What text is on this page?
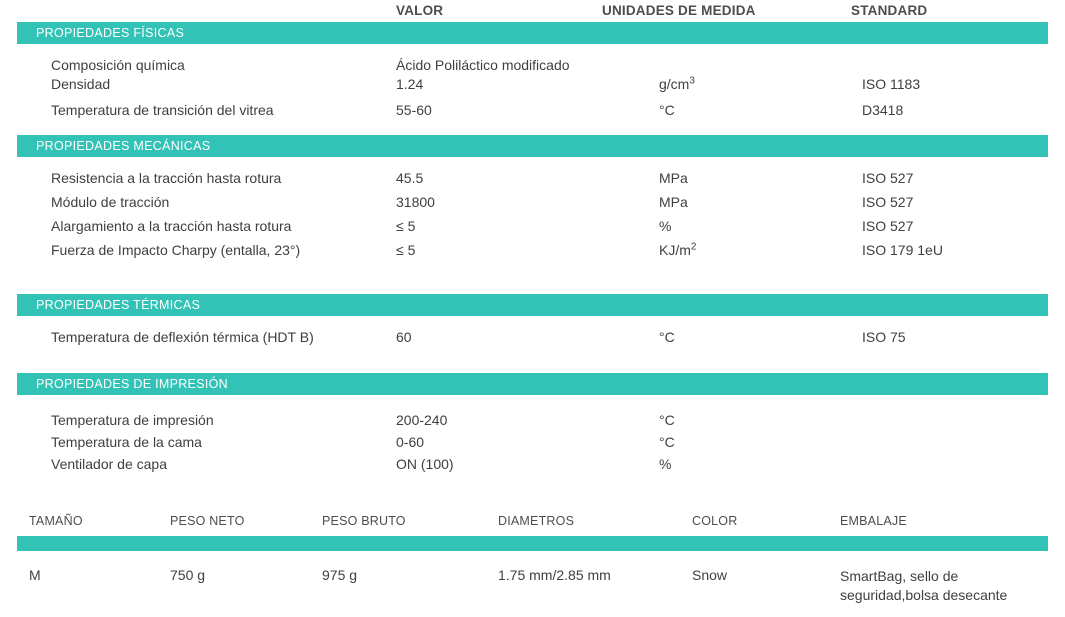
VALOR	UNIDADES DE MEDIDA	STANDARD
PROPIEDADES FÍSICAS
Composición química	Ácido Poliláctico modificado
Densidad	1.24	$g/cm^3$	ISO 1183
Temperatura de transición del vitrea	55-60	°C	D3418
PROPIEDADES MECÁNICAS
Resistencia a la tracción hasta rotura	45.5	MPa	ISO 527
Módulo de tracción	31800	MPa	ISO 527
Alargamiento a la tracción hasta rotura	≤ 5	%	ISO 527
Fuerza de Impacto Charpy (entalla, 23°)	≤ 5	$KJ/m^2$	ISO 179 1eU
PROPIEDADES TÉRMICAS
Temperatura de deflexión térmica (HDT B)	60	°C	ISO 75
PROPIEDADES DE IMPRESIÓN
Temperatura de impresión	200-240	°C
Temperatura de la cama	0-60	°C
Ventilador de capa	ON (100)	%
TAMAÑO	PESO NETO	PESO BRUTO	DIAMETROS	COLOR	EMBALAJE
M	750 g	975 g	1.75 mm/2.85 mm	Snow	SmartBag, sello de seguridad,bolsa desecante
